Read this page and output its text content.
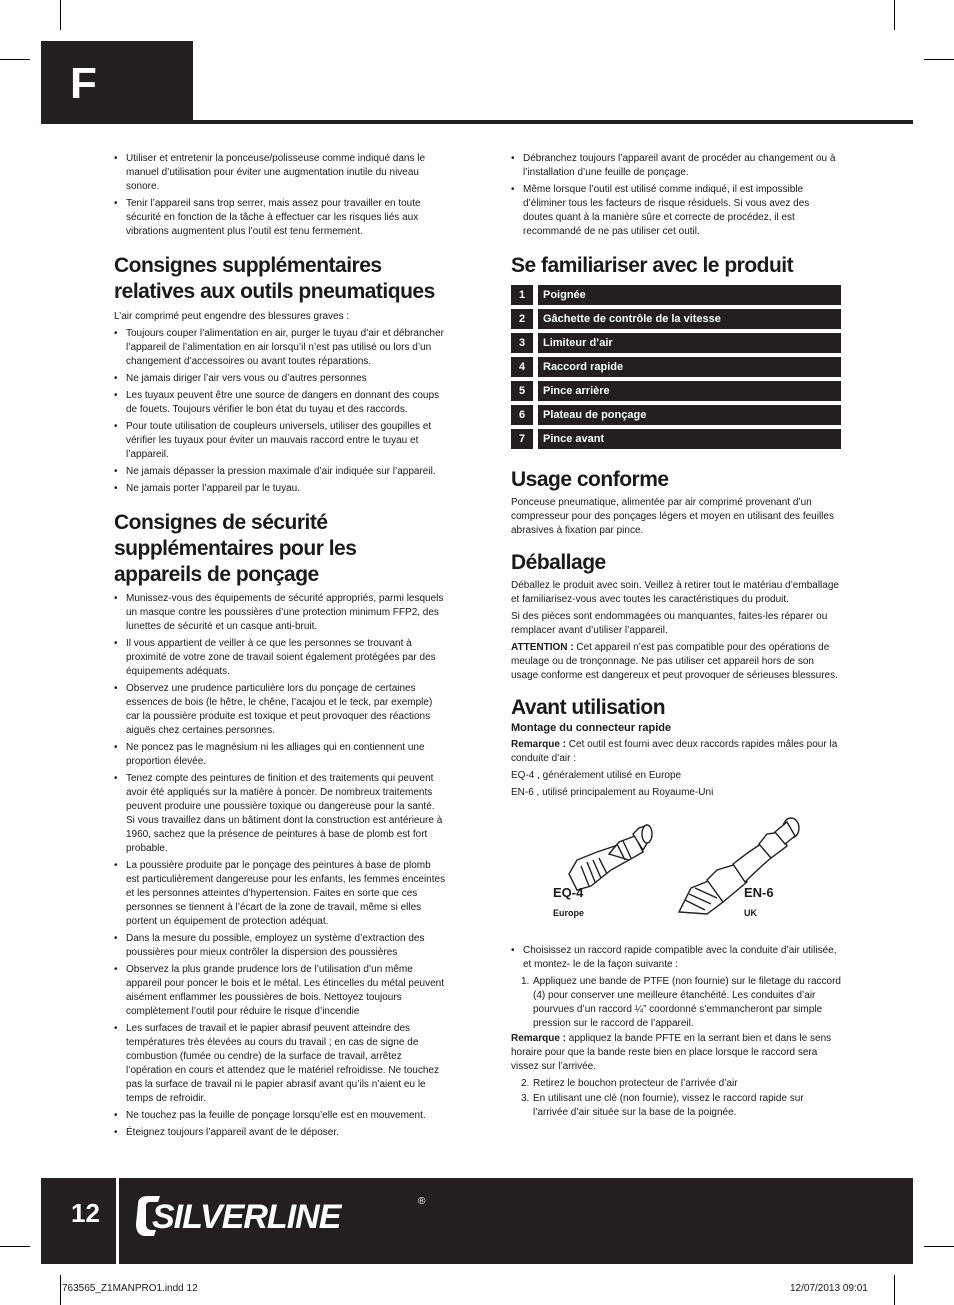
F
• Utiliser et entretenir la ponceuse/polisseuse comme indiqué dans le manuel d’utilisation pour éviter une augmentation inutile du niveau sonore.
• Tenir l’appareil sans trop serrer, mais assez pour travailler en toute sécurité en fonction de la tâche à effectuer car les risques liés aux vibrations augmentent plus l’outil est tenu fermement.
Consignes supplémentaires relatives aux outils pneumatiques

L’air comprimé peut engendre des blessures graves :

• Toujours couper l’alimentation en air, purger le tuyau d’air et débrancher l’appareil de l’alimentation en air lorsqu’il n’est pas utilisé ou lors d’un changement d’accessoires ou avant toutes réparations.
• Ne jamais diriger l’air vers vous ou d’autres personnes
• Les tuyaux peuvent être une source de dangers en donnant des coups de fouets. Toujours vérifier le bon état du tuyau et des raccords.
• Pour toute utilisation de coupleurs universels, utiliser des goupilles et vérifier les tuyaux pour éviter un mauvais raccord entre le tuyau et l’appareil.
• Ne jamais dépasser la pression maximale d’air indiquée sur l’appareil.
• Ne jamais porter l’appareil par le tuyau.
Consignes de sécurité supplémentaires pour les appareils de ponçage
• Munissez-vous des équipements de sécurité appropriés, parmi lesquels un masque contre les poussières d’une protection minimum FFP2, des lunettes de sécurité et un casque anti-bruit.
• Il vous appartient de veiller à ce que les personnes se trouvant à proximité de votre zone de travail soient également protégées par des équipements adéquats.
• Observez une prudence particulière lors du ponçage de certaines essences de bois (le hêtre, le chêne, l’acajou et le teck, par exemple) car la poussière produite est toxique et peut provoquer des réactions aiguës chez certaines personnes.
• Ne poncez pas le magnésium ni les alliages qui en contiennent une proportion élevée.
• Tenez compte des peintures de finition et des traitements qui peuvent avoir été appliqués sur la matière à poncer. De nombreux traitements peuvent produire une poussière toxique ou dangereuse pour la santé. Si vous travaillez dans un bâtiment dont la construction est antérieure à 1960, sachez que la présence de peintures à base de plomb est fort probable.
• La poussière produite par le ponçage des peintures à base de plomb est particulièrement dangereuse pour les enfants, les femmes enceintes et les personnes atteintes d’hypertension. Faites en sorte que ces personnes se tiennent à l’écart de la zone de travail, même si elles portent un équipement de protection adéquat.
• Dans la mesure du possible, employez un système d’extraction des poussières pour mieux contrôler la dispersion des poussières
• Observez la plus grande prudence lors de l’utilisation d’un même appareil pour poncer le bois et le métal. Les étincelles du métal peuvent aisément enflammer les poussières de bois. Nettoyez toujours complètement l’outil pour réduire le risque d’incendie
• Les surfaces de travail et le papier abrasif peuvent atteindre des températures très élevées au cours du travail ; en cas de signe de combustion (fumée ou cendre) de la surface de travail, arrêtez l’opération en cours et attendez que le matériel refroidisse. Ne touchez pas la surface de travail ni le papier abrasif avant qu’ils n’aient eu le temps de refroidir.
• Ne touchez pas la feuille de ponçage lorsqu’elle est en mouvement.
• Éteignez toujours l’appareil avant de le déposer.
• Débranchez toujours l’appareil avant de procéder au changement ou à l’installation d’une feuille de ponçage.
• Même lorsque l’outil est utilisé comme indiqué, il est impossible d’éliminer tous les facteurs de risque résiduels. Si vous avez des doutes quant à la manière sûre et correcte de procédez, il est recommandé de ne pas utiliser cet outil.
Se familiariser avec le produit
1	Poignée
2	Gâchette de contrôle de la vitesse
3	Limiteur d’air
4	Raccord rapide
5	Pince arrière
6	Plateau de ponçage
7	Pince avant
Usage conforme

Ponceuse pneumatique, alimentée par air comprimé provenant d’un compresseur pour des ponçages légers et moyen en utilisant des feuilles abrasives à fixation par pince.

Déballage

Déballez le produit avec soin. Veillez à retirer tout le matériau d’emballage et familiarisez-vous avec toutes les caractéristiques du produit.

Si des pièces sont endommagées ou manquantes, faites-les réparer ou remplacer avant d’utiliser l’appareil.

ATTENTION : Cet appareil n’est pas compatible pour des opérations de meulage ou de tronçonnage. Ne pas utiliser cet appareil hors de son usage conforme est dangereux et peut provoquer de sérieuses blessures.

Avant utilisation
Montage du connecteur rapide

Remarque : Cet outil est fourni avec deux raccords rapides mâles pour la conduite d’air :

EQ-4 , généralement utilisé en Europe

EN-6 , utilisé principalement au Royaume-Uni

EQ-4
Europe
EN-6
UK
• Choisissez un raccord rapide compatible avec la conduite d’air utilisée, et montez- le de la façon suivante :
1. Appliquez une bande de PTFE (non fournie) sur le filetage du raccord (4) pour conserver une meilleure étanchéité. Les conduites d’air pourvues d’un raccord ¼” coordonné s’emmancheront par simple pression sur le raccord de l’appareil.

Remarque : appliquez la bande PFTE en la serrant bien et dans le sens horaire pour que la bande reste bien en place lorsque le raccord sera vissez sur l’arrivée.

2. Retirez le bouchon protecteur de l’arrivée d’air
3. En utilisant une clé (non fournie), vissez le raccord rapide sur l’arrivée d’air située sur la base de la poignée.
12 SILVERLINE	®
763565_Z1MANPRO1.indd 12	12/07/2013 09:01
